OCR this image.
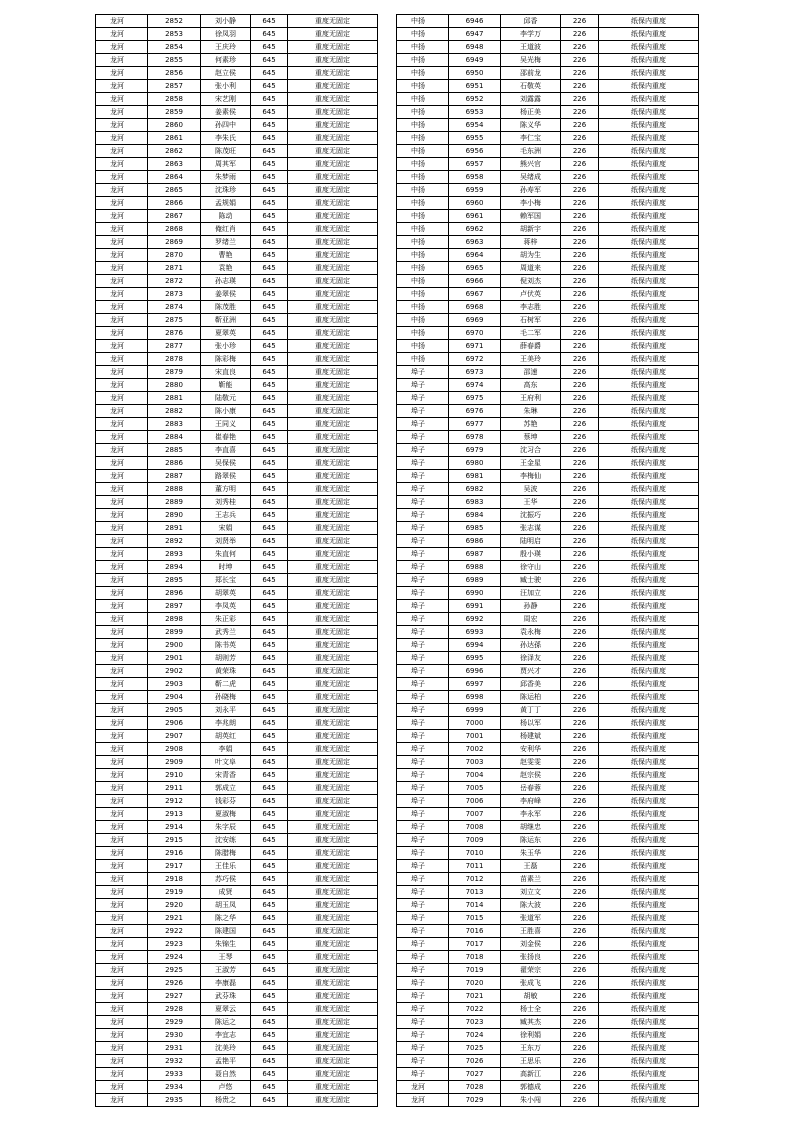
龙河	2852	刘小静	645	重度无固定
龙河	2853	徐凤羽	645	重度无固定
龙河	2854	王庆玲	645	重度无固定
龙河	2855	何素珍	645	重度无固定
龙河	2856	赵立侯	645	重度无固定
龙河	2857	张小利	645	重度无固定
龙河	2858	宋艺刚	645	重度无固定
龙河	2859	姜素侯	645	重度无固定
龙河	2860	孙四中	645	重度无固定
龙河	2861	李朱氏	645	重度无固定
龙河	2862	陈茂旺	645	重度无固定
龙河	2863	周其军	645	重度无固定
龙河	2864	朱梦雨	645	重度无固定
龙河	2865	沈珠珍	645	重度无固定
龙河	2866	孟规娟	645	重度无固定
龙河	2867	陈动	645	重度无固定
龙河	2868	俺红肖	645	重度无固定
龙河	2869	罗绪兰	645	重度无固定
龙河	2870	曹艳	645	重度无固定
龙河	2871	袁艳	645	重度无固定
龙河	2872	孙志瑛	645	重度无固定
龙河	2873	姜翠侯	645	重度无固定
龙河	2874	陈茂胜	645	重度无固定
龙河	2875	靳亚洲	645	重度无固定
龙河	2876	夏翠英	645	重度无固定
龙河	2877	张小珍	645	重度无固定
龙河	2878	陈彩梅	645	重度无固定
龙河	2879	宋直良	645	重度无固定
龙河	2880	靳能	645	重度无固定
龙河	2881	陆敬元	645	重度无固定
龙河	2882	陈小康	645	重度无固定
龙河	2883	王同义	645	重度无固定
龙河	2884	崔春艳	645	重度无固定
龙河	2885	李直喜	645	重度无固定
龙河	2886	吴保侯	645	重度无固定
龙河	2887	路翠侯	645	重度无固定
龙河	2888	董方明	645	重度无固定
龙河	2889	刘秀桂	645	重度无固定
龙河	2890	王志兵	645	重度无固定
龙河	2891	宋娟	645	重度无固定
龙河	2892	刘贤举	645	重度无固定
龙河	2893	朱直何	645	重度无固定
龙河	2894	时坤	645	重度无固定
龙河	2895	郑长宝	645	重度无固定
龙河	2896	胡翠英	645	重度无固定
龙河	2897	李凤英	645	重度无固定
龙河	2898	朱正彩	645	重度无固定
龙河	2899	武秀兰	645	重度无固定
龙河	2900	陈书英	645	重度无固定
龙河	2901	胡则芳	645	重度无固定
龙河	2902	黄荣珠	645	重度无固定
龙河	2903	靳二虎	645	重度无固定
龙河	2904	孙晓梅	645	重度无固定
龙河	2905	刘永平	645	重度无固定
龙河	2906	李兆朗	645	重度无固定
龙河	2907	胡英红	645	重度无固定
龙河	2908	李娟	645	重度无固定
龙河	2909	叶文阜	645	重度无固定
龙河	2910	宋青香	645	重度无固定
龙河	2911	郭成立	645	重度无固定
龙河	2912	钱彩芬	645	重度无固定
龙河	2913	夏淑梅	645	重度无固定
龙河	2914	朱字辰	645	重度无固定
龙河	2915	沈安练	645	重度无固定
龙河	2916	陈腊梅	645	重度无固定
龙河	2917	王佳乐	645	重度无固定
龙河	2918	苏巧侯	645	重度无固定
龙河	2919	成贤	645	重度无固定
龙河	2920	胡玉凤	645	重度无固定
龙河	2921	陈之华	645	重度无固定
龙河	2922	陈建国	645	重度无固定
龙河	2923	朱锦生	645	重度无固定
龙河	2924	王琴	645	重度无固定
龙河	2925	王淑芳	645	重度无固定
龙河	2926	李康磊	645	重度无固定
龙河	2927	武芬珠	645	重度无固定
龙河	2928	夏翠云	645	重度无固定
龙河	2929	陈运之	645	重度无固定
龙河	2930	李宜志	645	重度无固定
龙河	2931	沈美玲	645	重度无固定
龙河	2932	孟艳平	645	重度无固定
龙河	2933	聂自然	645	重度无固定
龙河	2934	卢悠	645	重度无固定
龙河	2935	杨贵之	645	重度无固定
中扬	6946	邱香	226	纸保内重度
中扬	6947	李学万	226	纸保内重度
中扬	6948	王道波	226	纸保内重度
中扬	6949	吴光梅	226	纸保内重度
中扬	6950	邵前龙	226	纸保内重度
中扬	6951	石敬英	226	纸保内重度
中扬	6952	刘露露	226	纸保内重度
中扬	6953	杨正美	226	纸保内重度
中扬	6954	陈义华	226	纸保内重度
中扬	6955	李仁宝	226	纸保内重度
中扬	6956	毛东洲	226	纸保内重度
中扬	6957	熊兴官	226	纸保内重度
中扬	6958	吴绪成	226	纸保内重度
中扬	6959	孙寿军	226	纸保内重度
中扬	6960	李小梅	226	纸保内重度
中扬	6961	赖军国	226	纸保内重度
中扬	6962	胡新宇	226	纸保内重度
中扬	6963	蒋梓	226	纸保内重度
中扬	6964	胡为生	226	纸保内重度
中扬	6965	周道来	226	纸保内重度
中扬	6966	倪刘杰	226	纸保内重度
中扬	6967	卢伏英	226	纸保内重度
中扬	6968	李志胜	226	纸保内重度
中扬	6969	石树军	226	纸保内重度
中扬	6970	毛二军	226	纸保内重度
中扬	6971	薛春爵	226	纸保内重度
中扬	6972	王美玲	226	纸保内重度
埠子	6973	邵速	226	纸保内重度
埠子	6974	高东	226	纸保内重度
埠子	6975	王府利	226	纸保内重度
埠子	6976	朱琳	226	纸保内重度
埠子	6977	苏艳	226	纸保内重度
埠子	6978	蔡坤	226	纸保内重度
埠子	6979	沈习合	226	纸保内重度
埠子	6980	王金星	226	纸保内重度
埠子	6981	李梅仙	226	纸保内重度
埠子	6982	吴波	226	纸保内重度
埠子	6983	王华	226	纸保内重度
埠子	6984	沈振巧	226	纸保内重度
埠子	6985	张志谋	226	纸保内重度
埠子	6986	陆明启	226	纸保内重度
埠子	6987	殷小瑛	226	纸保内重度
埠子	6988	徐守山	226	纸保内重度
埠子	6989	臧士驶	226	纸保内重度
埠子	6990	汪加立	226	纸保内重度
埠子	6991	孙静	226	纸保内重度
埠子	6992	周宏	226	纸保内重度
埠子	6993	袁永梅	226	纸保内重度
埠子	6994	孙达孫	226	纸保内重度
埠子	6995	徐泽友	226	纸保内重度
埠子	6996	贾兴才	226	纸保内重度
埠子	6997	邱香美	226	纸保内重度
埠子	6998	陈运柏	226	纸保内重度
埠子	6999	黄丁丁	226	纸保内重度
埠子	7000	杨以军	226	纸保内重度
埠子	7001	杨建斌	226	纸保内重度
埠子	7002	安利华	226	纸保内重度
埠子	7003	赵雯雯	226	纸保内重度
埠子	7004	赵宗侯	226	纸保内重度
埠子	7005	岳春蓉	226	纸保内重度
埠子	7006	李府峰	226	纸保内重度
埠子	7007	李永军	226	纸保内重度
埠子	7008	胡继忠	226	纸保内重度
埠子	7009	陈运东	226	纸保内重度
埠子	7010	朱玉华	226	纸保内重度
埠子	7011	王磊	226	纸保内重度
埠子	7012	苗素兰	226	纸保内重度
埠子	7013	刘立文	226	纸保内重度
埠子	7014	陈大波	226	纸保内重度
埠子	7015	张道军	226	纸保内重度
埠子	7016	王胜喜	226	纸保内重度
埠子	7017	刘金侯	226	纸保内重度
埠子	7018	张扬良	226	纸保内重度
埠子	7019	翟荣宗	226	纸保内重度
埠子	7020	张成飞	226	纸保内重度
埠子	7021	胡敏	226	纸保内重度
埠子	7022	杨士全	226	纸保内重度
埠子	7023	臧其杰	226	纸保内重度
埠子	7024	徐利娟	226	纸保内重度
埠子	7025	王东万	226	纸保内重度
埠子	7026	王思乐	226	纸保内重度
埠子	7027	高新江	226	纸保内重度
龙河	7028	郭德成	226	纸保内重度
龙河	7029	朱小闯	226	纸保内重度
